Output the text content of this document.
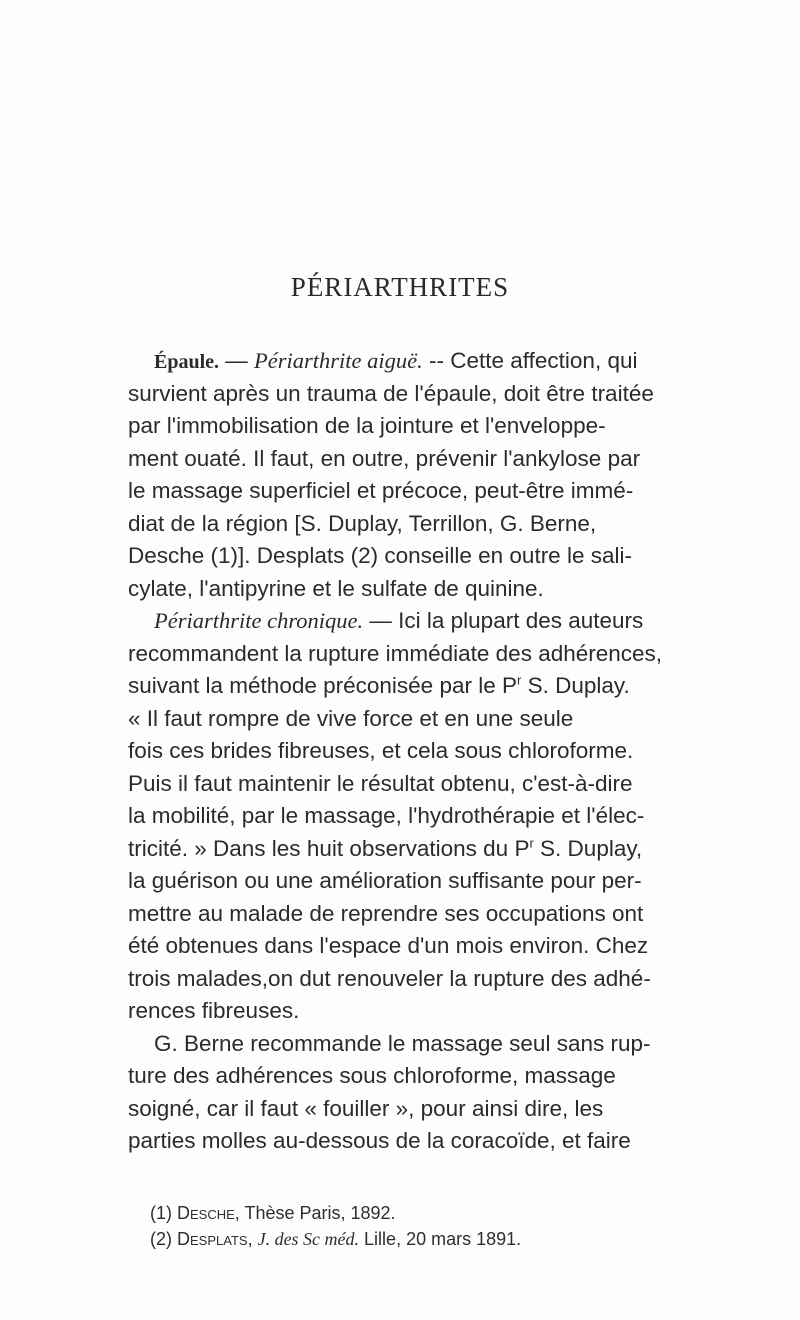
PÉRIARTHRITES
Épaule. — Périarthrite aiguë. -- Cette affection, qui
survient après un trauma de l'épaule, doit être traitée
par l'immobilisation de la jointure et l'enveloppe-
ment ouaté. Il faut, en outre, prévenir l'ankylose par
le massage superficiel et précoce, peut-être immé-
diat de la région [S. Duplay, Terrillon, G. Berne,
Desche (1)]. Desplats (2) conseille en outre le sali-
cylate, l'antipyrine et le sulfate de quinine.
Périarthrite chronique. — Ici la plupart des auteurs
recommandent la rupture immédiate des adhérences,
suivant la méthode préconisée par le $P^r$ S. Duplay.
« Il faut rompre de vive force et en une seule
fois ces brides fibreuses, et cela sous chloroforme.
Puis il faut maintenir le résultat obtenu, c'est-à-dire
la mobilité, par le massage, l'hydrothérapie et l'élec-
tricité. » Dans les huit observations du $P^r$ S. Duplay,
la guérison ou une amélioration suffisante pour per-
mettre au malade de reprendre ses occupations ont
été obtenues dans l'espace d'un mois environ. Chez
trois malades,on dut renouveler la rupture des adhé-
rences fibreuses.
G. Berne recommande le massage seul sans rup-
ture des adhérences sous chloroforme, massage
soigné, car il faut « fouiller », pour ainsi dire, les
parties molles au-dessous de la coracoïde, et faire
(1) Desche, Thèse Paris, 1892.
(2) Desplats, J. des Sc méd. Lille, 20 mars 1891.
